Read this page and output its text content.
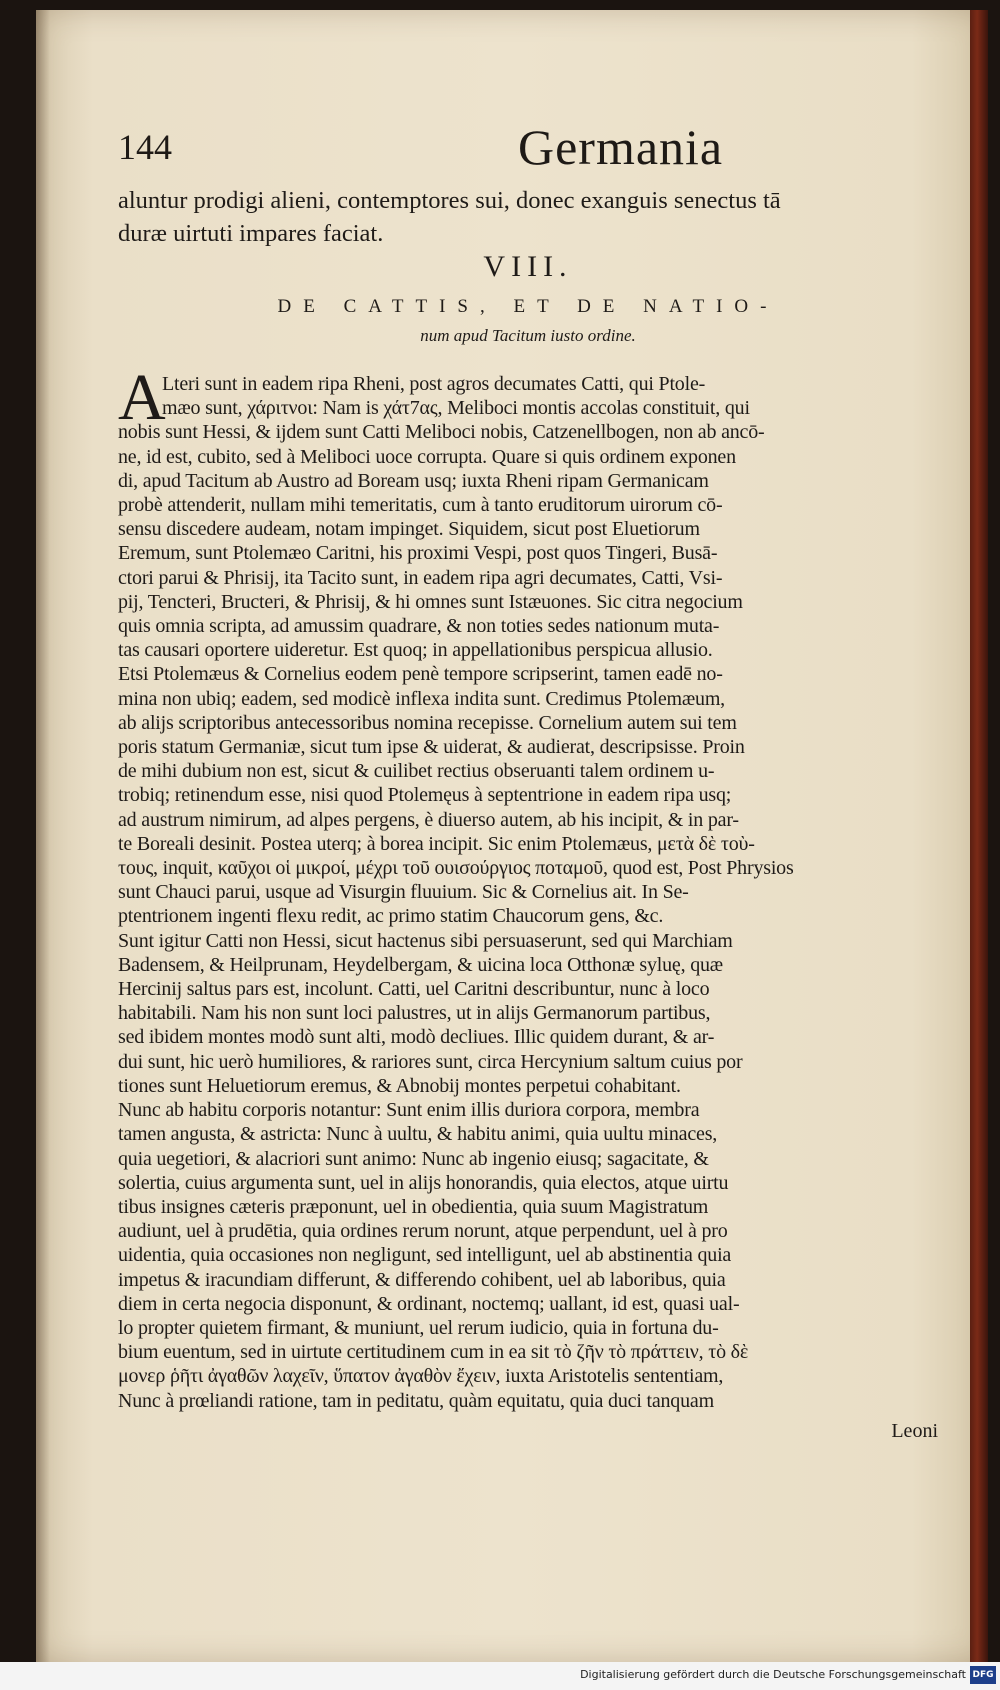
144	Germania
aluntur prodigi alieni, contemptores sui, donec exanguis senectus tā
duræ uirtuti impares faciat.
VIII.
DE CATTIS, ET DE NATIO-
num apud Tacitum iusto ordine.
A
Lteri sunt in eadem ripa Rheni, post agros decumates Catti, qui Ptole-
mæo sunt, χάριτνοι: Nam is χάτ7ας, Meliboci montis accolas constituit, qui
nobis sunt Hessi, & ijdem sunt Catti Meliboci nobis, Catzenellbogen, non ab ancō-
ne, id est, cubito, sed à Meliboci uoce corrupta. Quare si quis ordinem exponen
di, apud Tacitum ab Austro ad Boream usq; iuxta Rheni ripam Germanicam
probè attenderit, nullam mihi temeritatis, cum à tanto eruditorum uirorum cō-
sensu discedere audeam, notam impinget. Siquidem, sicut post Eluetiorum
Eremum, sunt Ptolemæo Caritni, his proximi Vespi, post quos Tingeri, Busā-
ctori parui & Phrisij, ita Tacito sunt, in eadem ripa agri decumates, Catti, Vsi-
pij, Tencteri, Bructeri, & Phrisij, & hi omnes sunt Istæuones. Sic citra negocium
quis omnia scripta, ad amussim quadrare, & non toties sedes nationum muta-
tas causari oportere uideretur. Est quoq; in appellationibus perspicua allusio.
Etsi Ptolemæus & Cornelius eodem penè tempore scripserint, tamen eadē no-
mina non ubiq; eadem, sed modicè inflexa indita sunt. Credimus Ptolemæum,
ab alijs scriptoribus antecessoribus nomina recepisse. Cornelium autem sui tem
poris statum Germaniæ, sicut tum ipse & uiderat, & audierat, descripsisse. Proin
de mihi dubium non est, sicut & cuilibet rectius obseruanti talem ordinem u-
trobiq; retinendum esse, nisi quod Ptolemęus à septentrione in eadem ripa usq;
ad austrum nimirum, ad alpes pergens, è diuerso autem, ab his incipit, & in par-
te Boreali desinit. Postea uterq; à borea incipit. Sic enim Ptolemæus, μετὰ δὲ τοὺ-
τους, inquit, καῦχοι οἱ μικροί, μέχρι τοῦ ουισούργιος ποταμοῦ, quod est, Post Phrysios
sunt Chauci parui, usque ad Visurgin fluuium. Sic & Cornelius ait. In Se-
ptentrionem ingenti flexu redit, ac primo statim Chaucorum gens, &c.
Sunt igitur Catti non Hessi, sicut hactenus sibi persuaserunt, sed qui Marchiam
Badensem, & Heilprunam, Heydelbergam, & uicina loca Otthonæ syluę, quæ
Hercinij saltus pars est, incolunt. Catti, uel Caritni describuntur, nunc à loco
habitabili. Nam his non sunt loci palustres, ut in alijs Germanorum partibus,
sed ibidem montes modò sunt alti, modò decliues. Illic quidem durant, & ar-
dui sunt, hic uerò humiliores, & rariores sunt, circa Hercynium saltum cuius por
tiones sunt Heluetiorum eremus, & Abnobij montes perpetui cohabitant.
Nunc ab habitu corporis notantur: Sunt enim illis duriora corpora, membra
tamen angusta, & astricta: Nunc à uultu, & habitu animi, quia uultu minaces,
quia uegetiori, & alacriori sunt animo: Nunc ab ingenio eiusq; sagacitate, &
solertia, cuius argumenta sunt, uel in alijs honorandis, quia electos, atque uirtu
tibus insignes cæteris præponunt, uel in obedientia, quia suum Magistratum
audiunt, uel à prudētia, quia ordines rerum norunt, atque perpendunt, uel à pro
uidentia, quia occasiones non negligunt, sed intelligunt, uel ab abstinentia quia
impetus & iracundiam differunt, & differendo cohibent, uel ab laboribus, quia
diem in certa negocia disponunt, & ordinant, noctemq; uallant, id est, quasi ual-
lo propter quietem firmant, & muniunt, uel rerum iudicio, quia in fortuna du-
bium euentum, sed in uirtute certitudinem cum in ea sit τὸ ζῆν τὸ πράττειν, τὸ δὲ
μονερ ῥῆτι ἀγαθῶν λαχεῖν, ὕπατον ἀγαθὸν ἔχειν, iuxta Aristotelis sententiam,
Nunc à prœliandi ratione, tam in peditatu, quàm equitatu, quia duci tanquam
Leoni
Digitalisierung gefördert durch die Deutsche Forschungsgemeinschaft DFG
